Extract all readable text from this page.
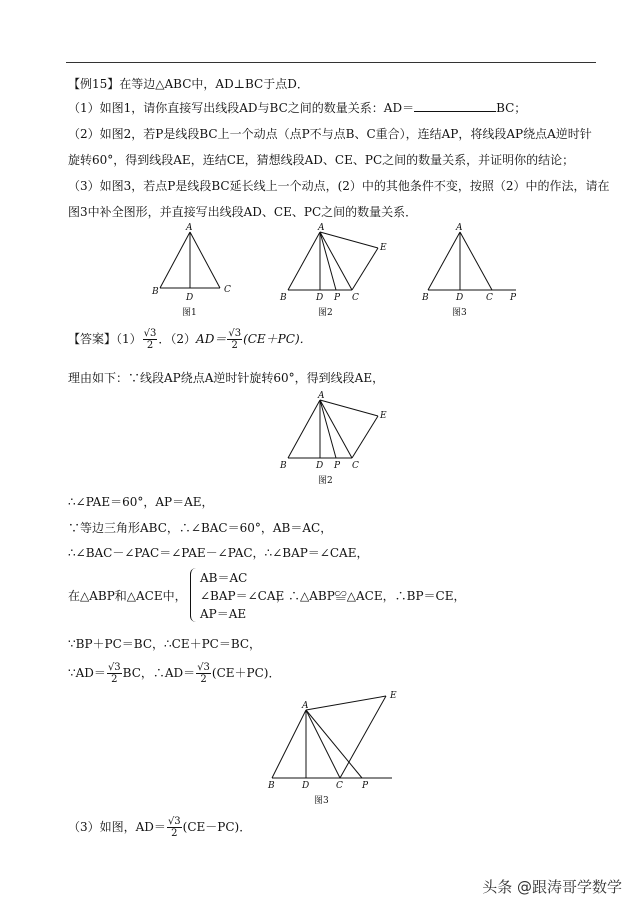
【例15】在等边△ABC中，AD⊥BC于点D．
（1）如图1，请你直接写出线段AD与BC之间的数量关系：AD＝	BC；
（2）如图2，若P是线段BC上一个动点（点P不与点B、C重合），连结AP，将线段AP绕点A逆时针
旋转60°，得到线段AE，连结CE，猜想线段AD、CE、PC之间的数量关系，并证明你的结论；
（3）如图3，若点P是线段BC延长线上一个动点，(2）中的其他条件不变，按照（2）中的作法，请在
图3中补全图形，并直接写出线段AD、CE、PC之间的数量关系．
A
B
D
C
图1
A
E
B	D P C
图2
A
B	D	C P
图3
【答案】$(1) \frac{√3}{2}$ ．$(2)AD= \frac{√3}{2} (CE+PC)$．
理由如下：∵线段AP绕点A逆时针旋转60°，得到线段AE，
A
E
B	D P C
图2
∴∠PAE＝60°，AP＝AE，
∵等边三角形ABC，∴∠BAC＝60°，AB＝AC，
∴∠BAC－∠PAC＝∠PAE－∠PAC，∴∠BAP＝∠CAE，
在△ABP和△ACE中，
AB＝AC
∠BAP＝∠CAE
AP＝AE
，∴△ABP≌△ACE，∴BP＝CE，
∵BP＋PC＝BC，∴CE＋PC＝BC，
∵AD＝ $\frac{√3}{2}$ BC，∴AD＝ $\frac{√3}{2} (CE+PC)$．
A
E
B	D	C P
图3
（3）如图，$AD= \frac{√3}{2} (CE-PC)$．
头条 @跟涛哥学数学
